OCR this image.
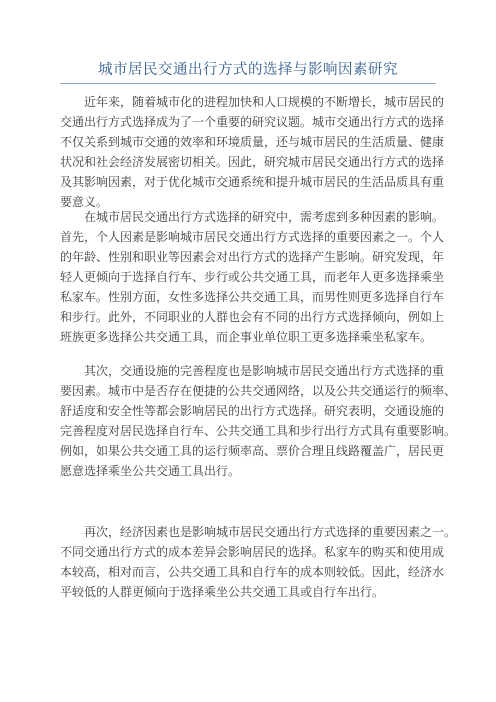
城市居民交通出行方式的选择与影响因素研究
近年来，随着城市化的进程加快和人口规模的不断增长，城市居民的
交通出行方式选择成为了一个重要的研究议题。城市交通出行方式的选择
不仅关系到城市交通的效率和环境质量，还与城市居民的生活质量、健康
状况和社会经济发展密切相关。因此，研究城市居民交通出行方式的选择
及其影响因素，对于优化城市交通系统和提升城市居民的生活品质具有重
要意义。
在城市居民交通出行方式选择的研究中，需考虑到多种因素的影响。
首先，个人因素是影响城市居民交通出行方式选择的重要因素之一。个人
的年龄、性别和职业等因素会对出行方式的选择产生影响。研究发现，年
轻人更倾向于选择自行车、步行或公共交通工具，而老年人更多选择乘坐
私家车。性别方面，女性多选择公共交通工具，而男性则更多选择自行车
和步行。此外，不同职业的人群也会有不同的出行方式选择倾向，例如上
班族更多选择公共交通工具，而企事业单位职工更多选择乘坐私家车。
其次，交通设施的完善程度也是影响城市居民交通出行方式选择的重
要因素。城市中是否存在便捷的公共交通网络，以及公共交通运行的频率、
舒适度和安全性等都会影响居民的出行方式选择。研究表明，交通设施的
完善程度对居民选择自行车、公共交通工具和步行出行方式具有重要影响。
例如，如果公共交通工具的运行频率高、票价合理且线路覆盖广，居民更
愿意选择乘坐公共交通工具出行。
再次，经济因素也是影响城市居民交通出行方式选择的重要因素之一。
不同交通出行方式的成本差异会影响居民的选择。私家车的购买和使用成
本较高，相对而言，公共交通工具和自行车的成本则较低。因此，经济水
平较低的人群更倾向于选择乘坐公共交通工具或自行车出行。
